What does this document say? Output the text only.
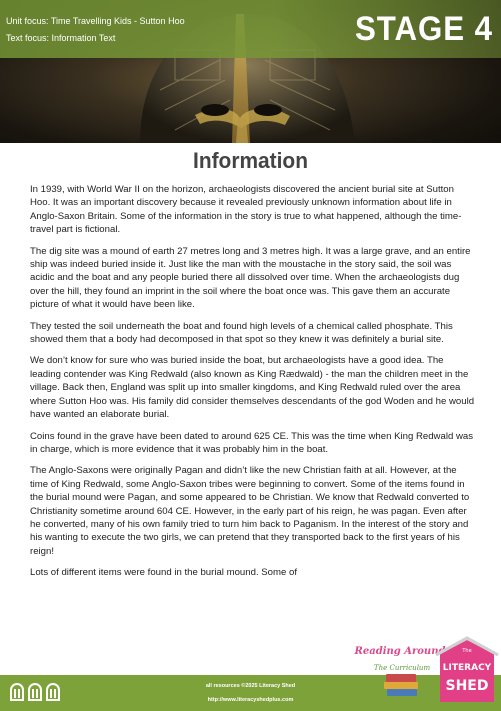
Unit focus: Time Travelling Kids - Sutton Hoo
Text focus: Information Text	STAGE 4
Information

In 1939, with World War II on the horizon, archaeologists discovered the ancient burial site at Sutton Hoo. It was an important discovery because it revealed previously unknown information about life in Anglo-Saxon Britain. Some of the information in the story is true to what happened, although the time-travel part is fictional.

The dig site was a mound of earth 27 metres long and 3 metres high. It was a large grave, and an entire ship was indeed buried inside it. Just like the man with the moustache in the story said, the soil was acidic and the boat and any people buried there all dissolved over time. When the archaeologists dug over the hill, they found an imprint in the soil where the boat once was. This gave them an accurate picture of what it would have been like.

They tested the soil underneath the boat and found high levels of a chemical called phosphate. This showed them that a body had decomposed in that spot so they knew it was definitely a burial site.

We don’t know for sure who was buried inside the boat, but archaeologists have a good idea. The leading contender was King Redwald (also known as King Rædwald) - the man the children meet in the village. Back then, England was split up into smaller kingdoms, and King Redwald ruled over the area where Sutton Hoo was. His family did consider themselves descendants of the god Woden and he would have wanted an elaborate burial.

Coins found in the grave have been dated to around 625 CE. This was the time when King Redwald was in charge, which is more evidence that it was probably him in the boat.

The Anglo-Saxons were originally Pagan and didn’t like the new Christian faith at all. However, at the time of King Redwald, some Anglo-Saxon tribes were beginning to convert. Some of the items found in the burial mound were Pagan, and some appeared to be Christian. We know that Redwald converted to Christianity sometime around 604 CE. However, in the early part of his reign, he was pagan. Even after he converted, many of his own family tried to turn him back to Paganism. In the interest of the story and his wanting to execute the two girls, we can pretend that they transported back to the first years of his reign!

Lots of different items were found in the burial mound. Some of

all resources ©2025 Literacy Shed
http://www.literacyshedplus.com
Reading Around
The Curriculum
The
LITERACY
SHED
